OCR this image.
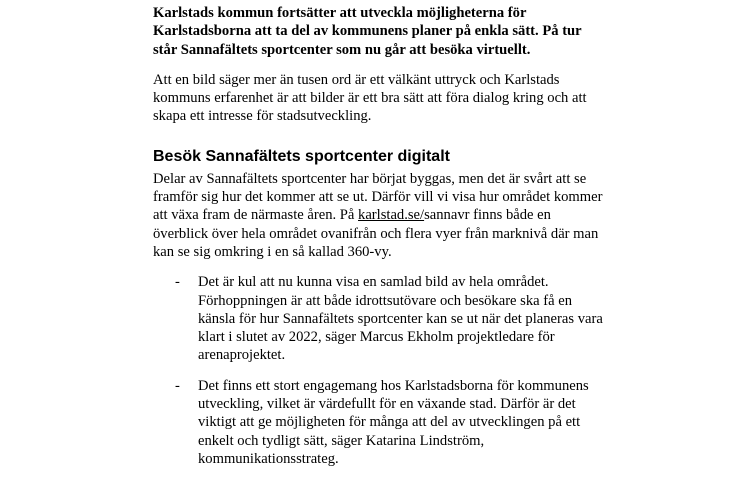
Karlstads kommun fortsätter att utveckla möjligheterna för
Karlstadsborna att ta del av kommunens planer på enkla sätt. På tur
står Sannafältets sportcenter som nu går att besöka virtuellt.

Att en bild säger mer än tusen ord är ett välkänt uttryck och Karlstads
kommuns erfarenhet är att bilder är ett bra sätt att föra dialog kring och att
skapa ett intresse för stadsutveckling.

Besök Sannafältets sportcenter digitalt

Delar av Sannafältets sportcenter har börjat byggas, men det är svårt att se
framför sig hur det kommer att se ut. Därför vill vi visa hur området kommer
att växa fram de närmaste åren. På karlstad.se/sannavr finns både en
överblick över hela området ovanifrån och flera vyer från marknivå där man
kan se sig omkring i en så kallad 360-vy.

- Det är kul att nu kunna visa en samlad bild av hela området.
Förhoppningen är att både idrottsutövare och besökare ska få en
känsla för hur Sannafältets sportcenter kan se ut när det planeras vara
klart i slutet av 2022, säger Marcus Ekholm projektledare för
arenaprojektet.
- Det finns ett stort engagemang hos Karlstadsborna för kommunens
utveckling, vilket är värdefullt för en växande stad. Därför är det
viktigt att ge möjligheten för många att del av utvecklingen på ett
enkelt och tydligt sätt, säger Katarina Lindström,
kommunikationsstrateg.
